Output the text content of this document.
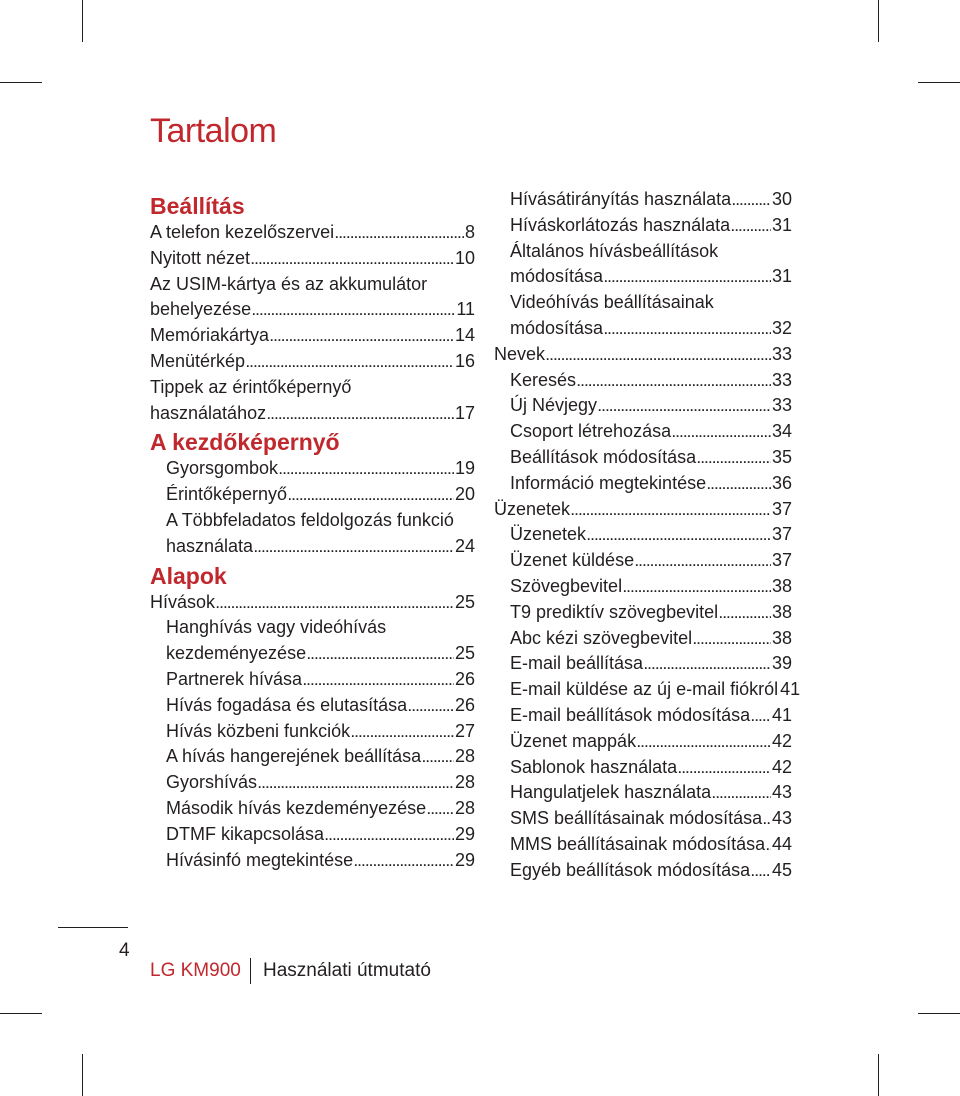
Tartalom
Beállítás
A telefon kezelőszervei .....	8
Nyitott nézet .....	10
Az USIM-kártya és az akkumulátor
behelyezése .....	11
Memóriakártya .....	14
Menütérkép .....	16
Tippek az érintőképernyő
használatához .....	17
A kezdőképernyő
Gyorsgombok .....	19
Érintőképernyő .....	20
A Többfeladatos feldolgozás funkció
használata .....	24
Alapok
Hívások .....	25
Hanghívás vagy videóhívás
kezdeményezése .....	25
Partnerek hívása .....	26
Hívás fogadása és elutasítása .....	26
Hívás közbeni funkciók .....	27
A hívás hangerejének beállítása ..... 28
Gyorshívás .....	28
Második hívás kezdeményezése ..... 28
DTMF kikapcsolása .....	29
Hívásinfó megtekintése .....	29
Hívásátirányítás használata ..... 30
Híváskorlátozás használata ..... 31
Általános hívásbeállítások
módosítása .....	31
Videóhívás beállításainak
módosítása .....	32
Nevek .....	33
Keresés .....	33
Új Névjegy .....	33
Csoport létrehozása .....	34
Beállítások módosítása .....	35
Információ megtekintése .....	36
Üzenetek .....	37
Üzenetek .....	37
Üzenet küldése .....	37
Szövegbevitel .....	38
T9 prediktív szövegbevitel .....	38
Abc kézi szövegbevitel .....	38
E-mail beállítása .....	39
E-mail küldése az új e-mail fiókról 41
E-mail beállítások módosítása ..... 41
Üzenet mappák .....	42
Sablonok használata .....	42
Hangulatjelek használata .....	43
SMS beállításainak módosítása ..... 43
MMS beállításainak módosítása ..... 44
Egyéb beállítások módosítása ..... 45
4
LG KM900 Használati útmutató
